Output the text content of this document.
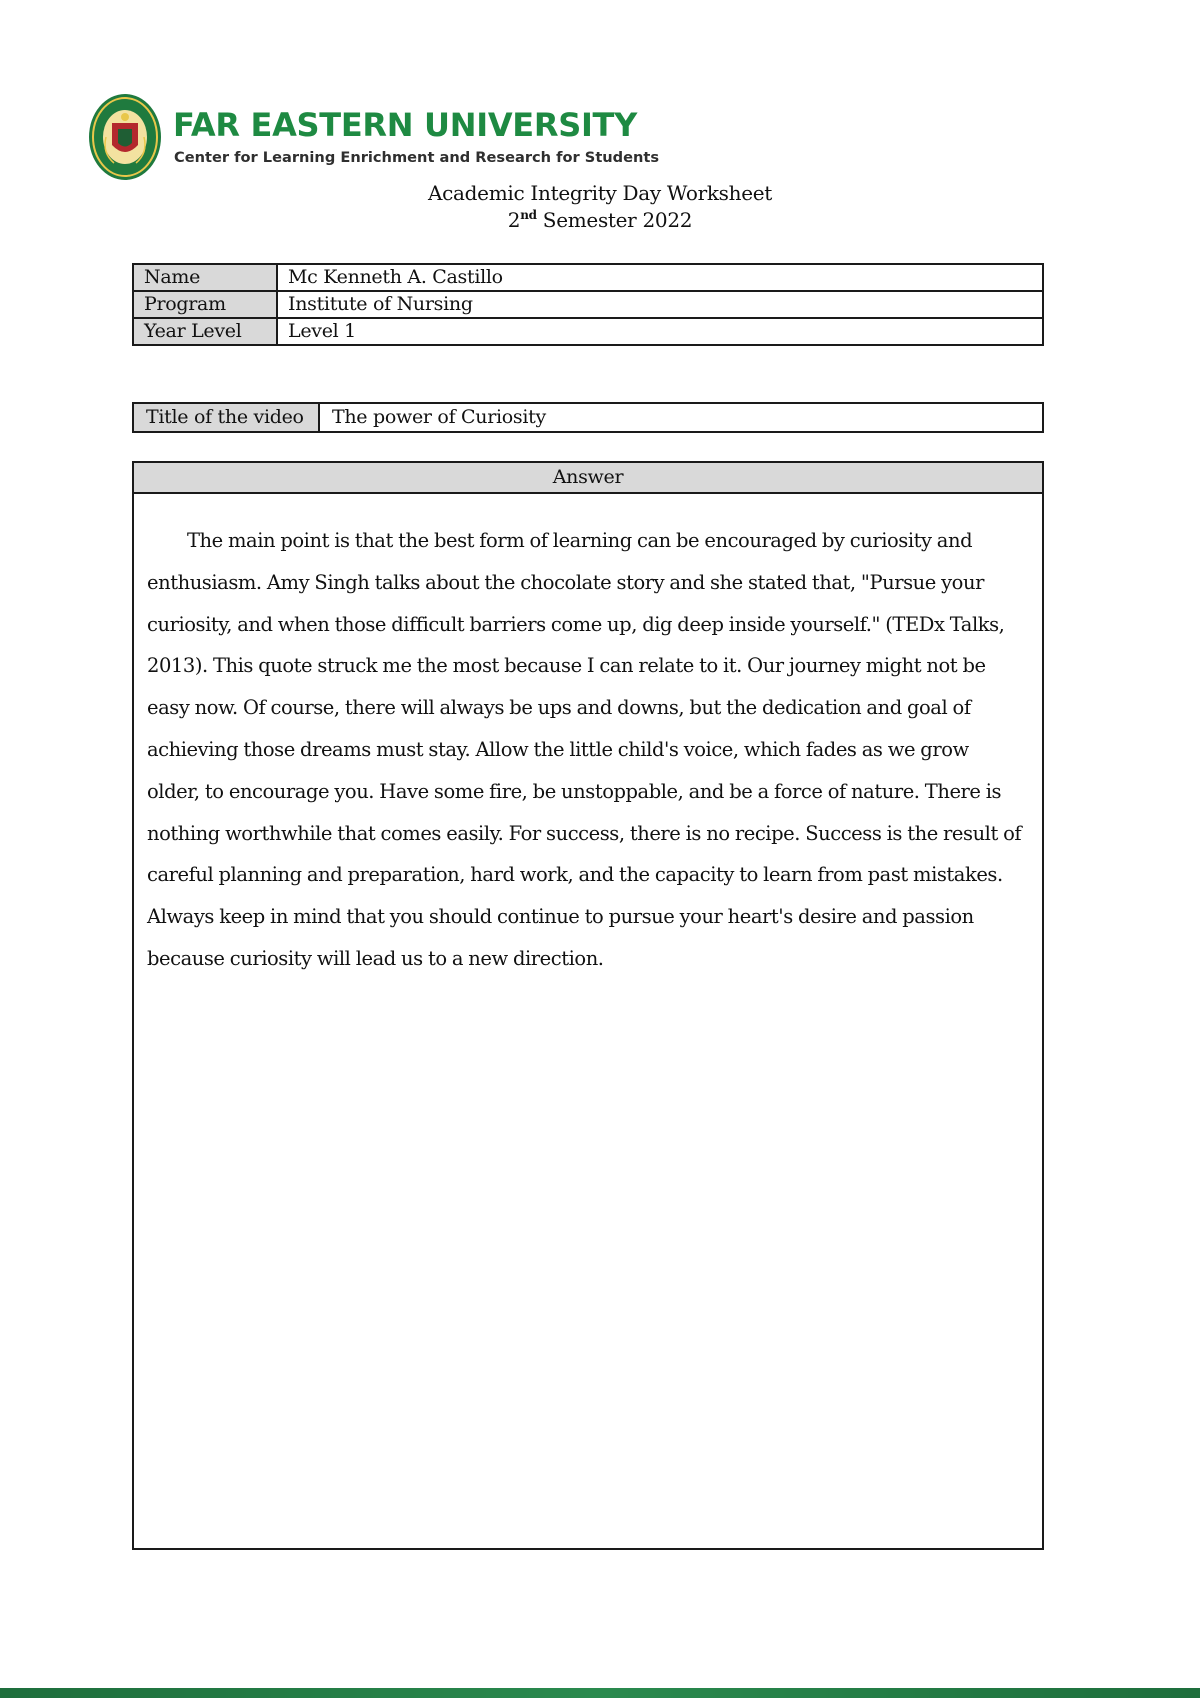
FAR EASTERN UNIVERSITY
Center for Learning Enrichment and Research for Students
Academic Integrity Day Worksheet
2nd Semester 2022
Name	Mc Kenneth A. Castillo
Program	Institute of Nursing
Year Level	Level 1
Title of the video	The power of Curiosity
Answer

The main point is that the best form of learning can be encouraged by curiosity and enthusiasm. Amy Singh talks about the chocolate story and she stated that, "Pursue your curiosity, and when those difficult barriers come up, dig deep inside yourself." (TEDx Talks, 2013). This quote struck me the most because I can relate to it. Our journey might not be easy now. Of course, there will always be ups and downs, but the dedication and goal of achieving those dreams must stay. Allow the little child's voice, which fades as we grow older, to encourage you. Have some fire, be unstoppable, and be a force of nature. There is nothing worthwhile that comes easily. For success, there is no recipe. Success is the result of careful planning and preparation, hard work, and the capacity to learn from past mistakes. Always keep in mind that you should continue to pursue your heart's desire and passion because curiosity will lead us to a new direction.
